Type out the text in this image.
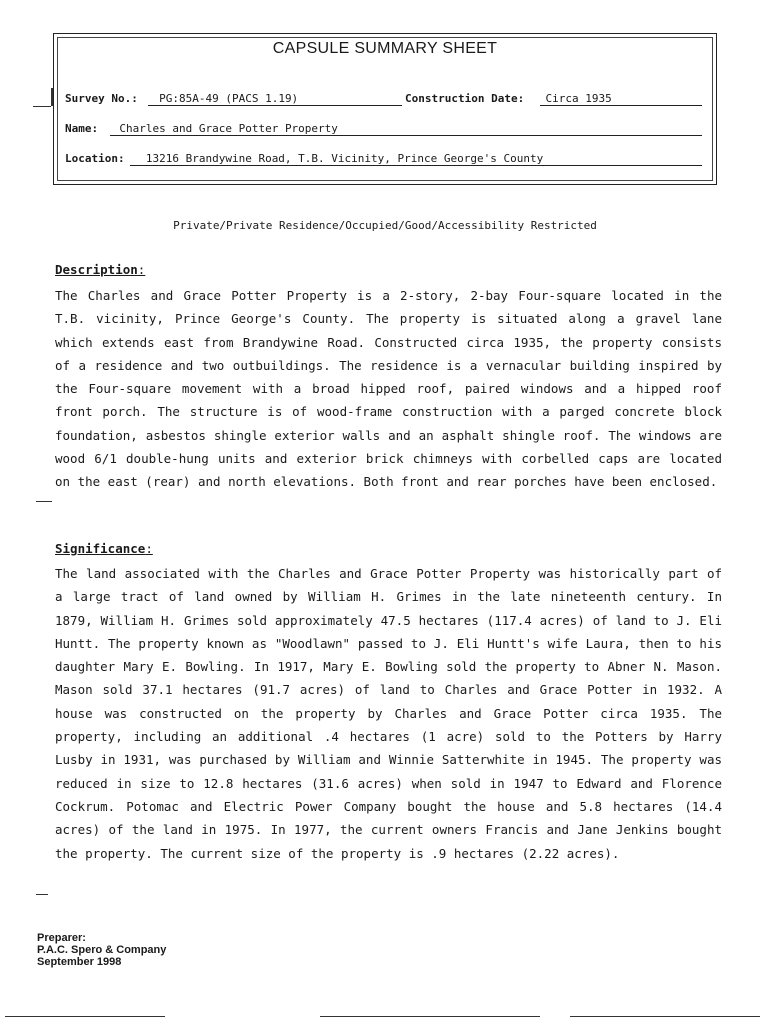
CAPSULE SUMMARY SHEET
Survey No.: PG:85A-49 (PACS 1.19)	Construction Date: Circa 1935
Name: Charles and Grace Potter Property
Location: 13216 Brandywine Road, T.B. Vicinity, Prince George's County
Private/Private Residence/Occupied/Good/Accessibility Restricted
Description:

The Charles and Grace Potter Property is a 2-story, 2-bay Four-square located in the T.B. vicinity, Prince George's County. The property is situated along a gravel lane which extends east from Brandywine Road. Constructed circa 1935, the property consists of a residence and two outbuildings. The residence is a vernacular building inspired by the Four-square movement with a broad hipped roof, paired windows and a hipped roof front porch. The structure is of wood-frame construction with a parged concrete block foundation, asbestos shingle exterior walls and an asphalt shingle roof. The windows are wood 6/1 double-hung units and exterior brick chimneys with corbelled caps are located on the east (rear) and north elevations. Both front and rear porches have been enclosed.

Significance:

The land associated with the Charles and Grace Potter Property was historically part of a large tract of land owned by William H. Grimes in the late nineteenth century. In 1879, William H. Grimes sold approximately 47.5 hectares (117.4 acres) of land to J. Eli Huntt. The property known as "Woodlawn" passed to J. Eli Huntt's wife Laura, then to his daughter Mary E. Bowling. In 1917, Mary E. Bowling sold the property to Abner N. Mason. Mason sold 37.1 hectares (91.7 acres) of land to Charles and Grace Potter in 1932. A house was constructed on the property by Charles and Grace Potter circa 1935. The property, including an additional .4 hectares (1 acre) sold to the Potters by Harry Lusby in 1931, was purchased by William and Winnie Satterwhite in 1945. The property was reduced in size to 12.8 hectares (31.6 acres) when sold in 1947 to Edward and Florence Cockrum. Potomac and Electric Power Company bought the house and 5.8 hectares (14.4 acres) of the land in 1975. In 1977, the current owners Francis and Jane Jenkins bought the property. The current size of the property is .9 hectares (2.22 acres).

Preparer:
P.A.C. Spero & Company
September 1998
